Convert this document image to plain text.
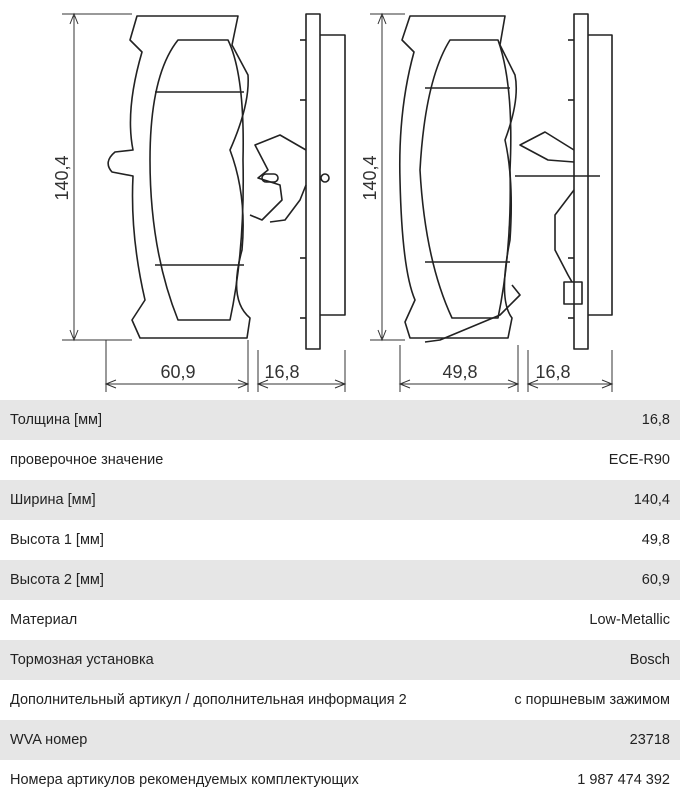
140,4
60,9	16,8
140,4
49,8	16,8
Толщина [мм]	16,8
проверочное значение	ECE-R90
Ширина [мм]	140,4
Высота 1 [мм]	49,8
Высота 2 [мм]	60,9
Материал	Low-Metallic
Тормозная установка	Bosch
Дополнительный артикул / дополнительная информация 2	с поршневым зажимом
WVA номер	23718
Номера артикулов рекомендуемых комплектующих	1 987 474 392
